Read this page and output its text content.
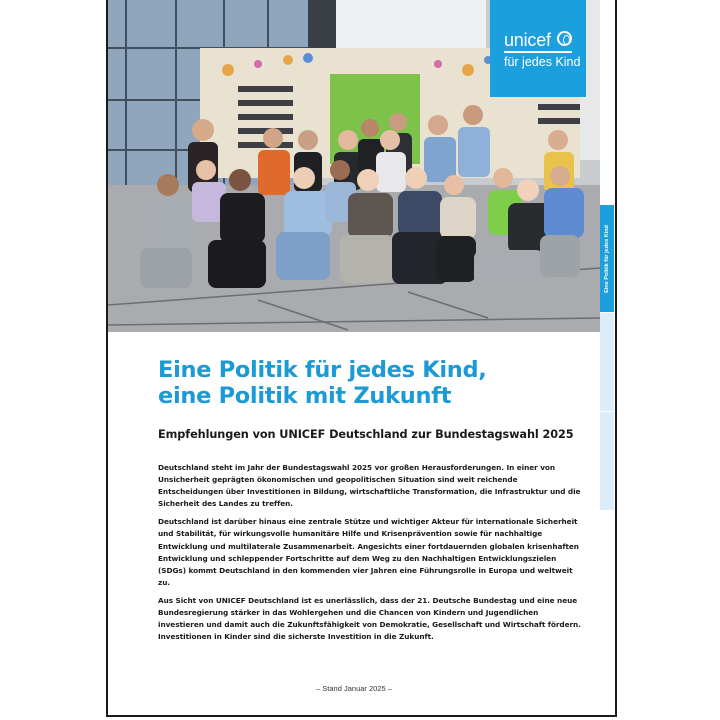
unicef
für jedes Kind
Eine Politik für jedes Kind
Eine Politik für jedes Kind,
eine Politik mit Zukunft
Empfehlungen von UNICEF Deutschland zur Bundestagswahl 2025

Deutschland steht im Jahr der Bundestagswahl 2025 vor großen Herausforderungen. In einer von Unsicherheit geprägten ökonomischen und geopolitischen Situation sind weit reichende Entscheidungen über Investitionen in Bildung, wirtschaftliche Transformation, die Infrastruktur und die Sicherheit des Landes zu treffen.

Deutschland ist darüber hinaus eine zentrale Stütze und wichtiger Akteur für internationale Sicherheit und Stabilität, für wirkungsvolle humanitäre Hilfe und Krisenprävention sowie für nachhaltige Entwicklung und multilaterale Zusammenarbeit. Angesichts einer fortdauernden globalen krisenhaften Entwicklung und schleppender Fortschritte auf dem Weg zu den Nachhaltigen Entwicklungszielen (SDGs) kommt Deutschland in den kommenden vier Jahren eine Führungsrolle in Europa und weltweit zu.

Aus Sicht von UNICEF Deutschland ist es unerlässlich, dass der 21. Deutsche Bundestag und eine neue Bundesregierung stärker in das Wohlergehen und die Chancen von Kindern und Jugendlichen investieren und damit auch die Zukunftsfähigkeit von Demokratie, Gesellschaft und Wirtschaft fördern. Investitionen in Kinder sind die sicherste Investition in die Zukunft.

– Stand Januar 2025 –
